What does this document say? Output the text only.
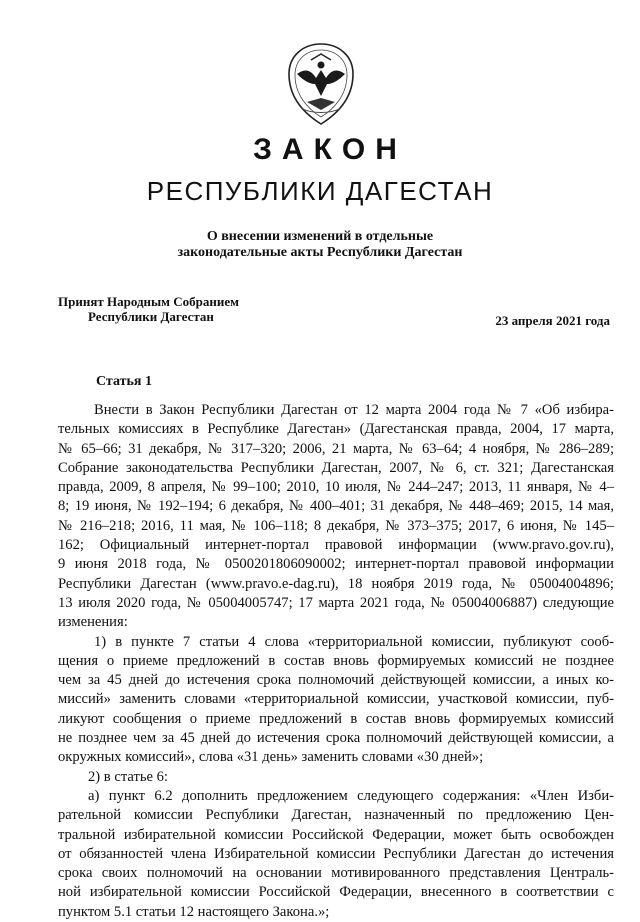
ЗАКОН
РЕСПУБЛИКИ ДАГЕСТАН
О внесении изменений в отдельные
законодательные акты Республики Дагестан
Принят Народным Собранием
Республики Дагестан	23 апреля 2021 года
Статья 1
Внести в Закон Республики Дагестан от 12 марта 2004 года № 7 «Об избира-
тельных комиссиях в Республике Дагестан» (Дагестанская правда, 2004, 17 марта,
№ 65–66; 31 декабря, № 317–320; 2006, 21 марта, № 63–64; 4 ноября, № 286–289;
Собрание законодательства Республики Дагестан, 2007, № 6, ст. 321; Дагестанская
правда, 2009, 8 апреля, № 99–100; 2010, 10 июля, № 244–247; 2013, 11 января, № 4–
8; 19 июня, № 192–194; 6 декабря, № 400–401; 31 декабря, № 448–469; 2015, 14 мая,
№ 216–218; 2016, 11 мая, № 106–118; 8 декабря, № 373–375; 2017, 6 июня, № 145–
162; Официальный интернет-портал правовой информации (www.pravo.gov.ru),
9 июня 2018 года, № 0500201806090002; интернет-портал правовой информации
Республики Дагестан (www.pravo.e-dag.ru), 18 ноября 2019 года, № 05004004896;
13 июля 2020 года, № 05004005747; 17 марта 2021 года, № 05004006887) следующие
изменения:
1) в пункте 7 статьи 4 слова «территориальной комиссии, публикуют сооб-
щения о приеме предложений в состав вновь формируемых комиссий не позднее
чем за 45 дней до истечения срока полномочий действующей комиссии, а иных ко-
миссий» заменить словами «территориальной комиссии, участковой комиссии, пуб-
ликуют сообщения о приеме предложений в состав вновь формируемых комиссий
не позднее чем за 45 дней до истечения срока полномочий действующей комиссии, а
окружных комиссий», слова «31 день» заменить словами «30 дней»;
2) в статье 6:
а) пункт 6.2 дополнить предложением следующего содержания: «Член Изби-
рательной комиссии Республики Дагестан, назначенный по предложению Цен-
тральной избирательной комиссии Российской Федерации, может быть освобожден
от обязанностей члена Избирательной комиссии Республики Дагестан до истечения
срока своих полномочий на основании мотивированного представления Централь-
ной избирательной комиссии Российской Федерации, внесенного в соответствии с
пунктом 5.1 статьи 12 настоящего Закона.»;
